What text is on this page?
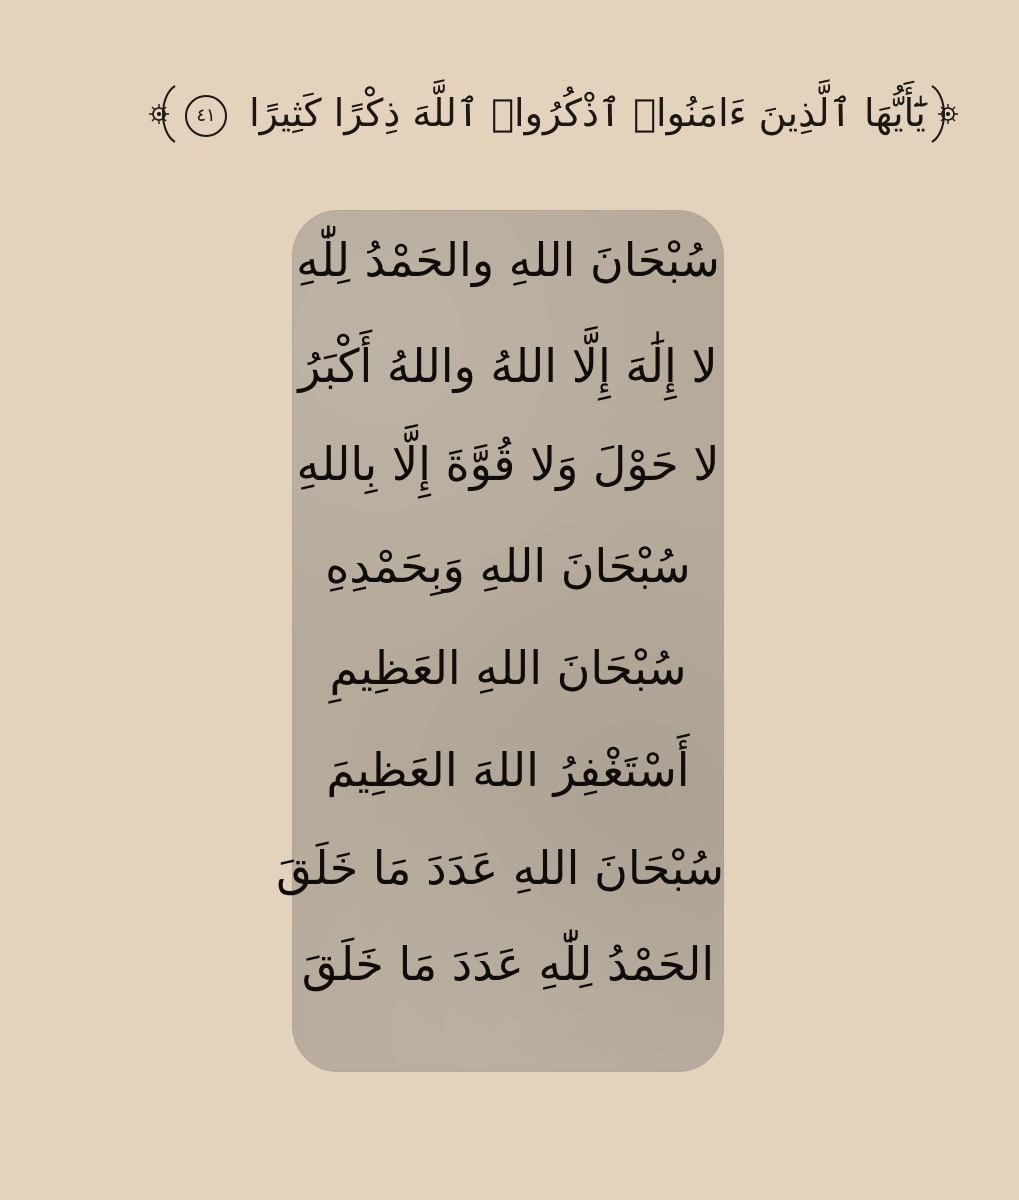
يَٰٓأَيُّهَا ٱلَّذِينَ ءَامَنُوا۟ ٱذْكُرُوا۟ ٱللَّهَ ذِكْرًا كَثِيرًا ٤١
سُبْحَانَ اللهِ والحَمْدُ لِلّٰهِ
لا إِلَٰهَ إِلَّا اللهُ واللهُ أَكْبَرُ
لا حَوْلَ وَلا قُوَّةَ إِلَّا بِاللهِ
سُبْحَانَ اللهِ وَبِحَمْدِهِ
سُبْحَانَ اللهِ العَظِيمِ
أَسْتَغْفِرُ اللهَ العَظِيمَ
سُبْحَانَ اللهِ عَدَدَ مَا خَلَقَ
الحَمْدُ لِلّٰهِ عَدَدَ مَا خَلَقَ
